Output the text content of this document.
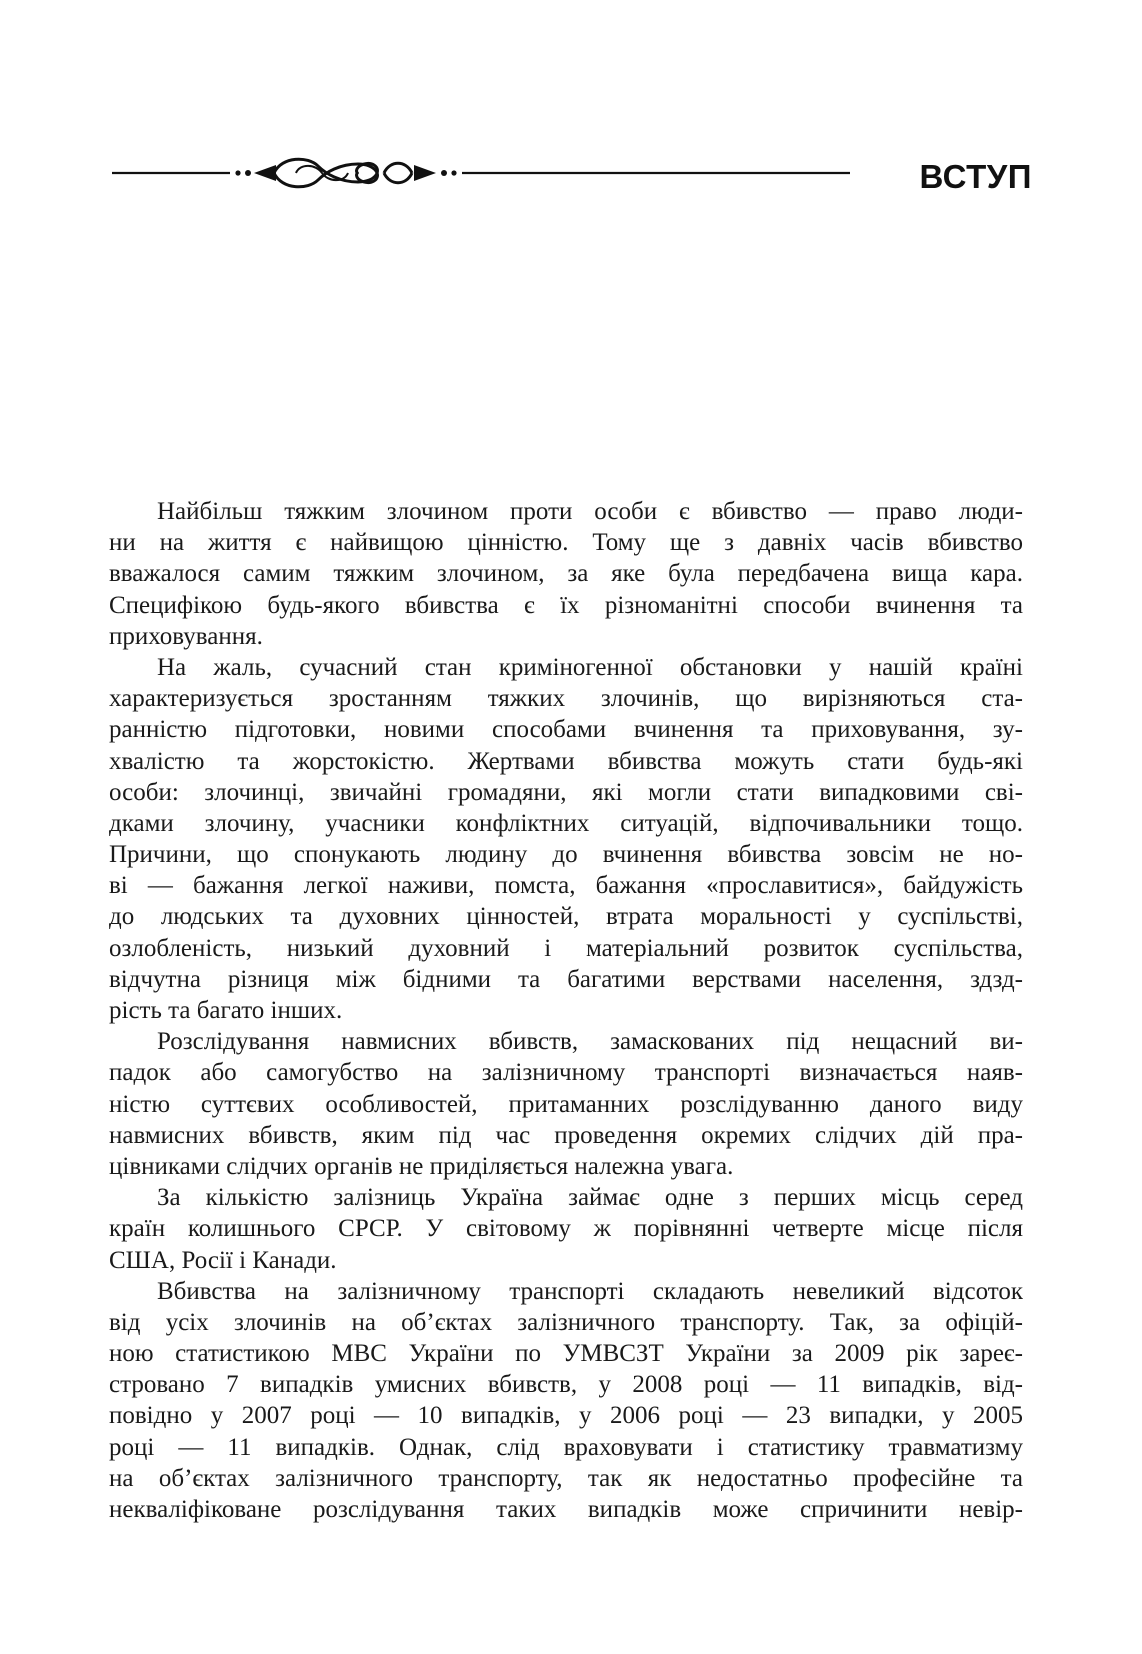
ВСТУП
Найбільш тяжким злочином проти особи є вбивство — право люди-
ни на життя є найвищою цінністю. Тому ще з давніх часів вбивство
вважалося самим тяжким злочином, за яке була передбачена вища кара.
Специфікою будь-якого вбивства є їх різноманітні способи вчинення та
приховування.
На жаль, сучасний стан криміногенної обстановки у нашій країні
характеризується зростанням тяжких злочинів, що вирізняються ста-
ранністю підготовки, новими способами вчинення та приховування, зу-
хвалістю та жорстокістю. Жертвами вбивства можуть стати будь-які
особи: злочинці, звичайні громадяни, які могли стати випадковими сві-
дками злочину, учасники конфліктних ситуацій, відпочивальники тощо.
Причини, що спонукають людину до вчинення вбивства зовсім не но-
ві — бажання легкої наживи, помста, бажання «прославитися», байдужість
до людських та духовних цінностей, втрата моральності у суспільстві,
озлобленість, низький духовний і матеріальний розвиток суспільства,
відчутна різниця між бідними та багатими верствами населення, здзд-
рість та багато інших.
Розслідування навмисних вбивств, замаскованих під нещасний ви-
падок або самогубство на залізничному транспорті визначається наяв-
ністю суттєвих особливостей, притаманних розслідуванню даного виду
навмисних вбивств, яким під час проведення окремих слідчих дій пра-
цівниками слідчих органів не приділяється належна увага.
За кількістю залізниць Україна займає одне з перших місць серед
країн колишнього СРСР. У світовому ж порівнянні четверте місце після
США, Росії і Канади.
Вбивства на залізничному транспорті складають невеликий відсоток
від усіх злочинів на об’єктах залізничного транспорту. Так, за офіцій-
ною статистикою МВС України по УМВСЗТ України за 2009 рік зареє-
стровано 7 випадків умисних вбивств, у 2008 році — 11 випадків, від-
повідно у 2007 році — 10 випадків, у 2006 році — 23 випадки, у 2005
році — 11 випадків. Однак, слід враховувати і статистику травматизму
на об’єктах залізничного транспорту, так як недостатньо професійне та
некваліфіковане розслідування таких випадків може спричинити невір-
